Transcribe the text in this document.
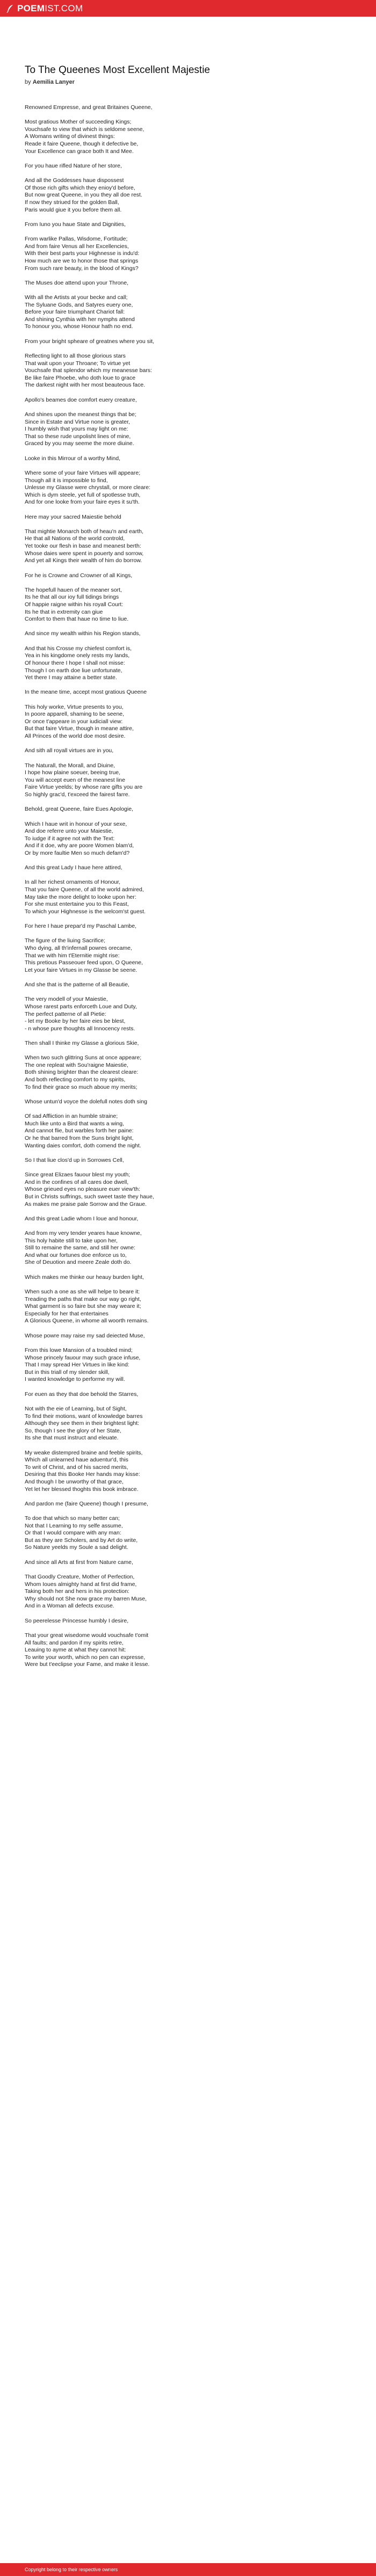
POEMIST.COM
To The Queenes Most Excellent Majestie
by Aemilia Lanyer
Renowned Empresse, and great Britaines Queene,
Most gratious Mother of succeeding Kings;
Vouchsafe to view that which is seldome seene,
A Womans writing of divinest things:
Reade it faire Queene, though it defective be,
Your Excellence can grace both It and Mee.
For you haue rifled Nature of her store,
And all the Goddesses haue dispossest
Of those rich gifts which they enioy'd before,
But now great Queene, in you they all doe rest.
If now they striued for the golden Ball,
Paris would giue it you before them all.
From Iuno you haue State and Dignities,
From warlike Pallas, Wisdome, Fortitude;
And from faire Venus all her Excellencies,
With their best parts your Highnesse is indu'd:
How much are we to honor those that springs
From such rare beauty, in the blood of Kings?
The Muses doe attend upon your Throne,
With all the Artists at your becke and call;
The Syluane Gods, and Satyres euery one,
Before your faire triumphant Chariot fall:
And shining Cynthia with her nymphs attend
To honour you, whose Honour hath no end.
From your bright spheare of greatnes where you sit,
Reflecting light to all those glorious stars
That wait upon your Throane; To virtue yet
Vouchsafe that splendor which my meanesse bars:
Be like faire Phoebe, who doth loue to grace
The darkest night with her most beauteous face.
Apollo's beames doe comfort euery creature,
And shines upon the meanest things that be;
Since in Estate and Virtue none is greater,
I humbly wish that yours may light on me:
That so these rude unpolisht lines of mine,
Graced by you may seeme the more diuine.
Looke in this Mirrour of a worthy Mind,
Where some of your faire Virtues will appeare;
Though all it is impossible to find,
Unlesse my Glasse were chrystall, or more cleare:
Which is dym steele, yet full of spotlesse truth,
And for one looke from your faire eyes it su'th.
Here may your sacred Maiestie behold
That mightie Monarch both of heau'n and earth,
He that all Nations of the world controld,
Yet tooke our flesh in base and meanest berth:
Whose daies were spent in pouerty and sorrow,
And yet all Kings their wealth of him do borrow.
For he is Crowne and Crowner of all Kings,
The hopefull hauen of the meaner sort,
Its he that all our ioy full tidings brings
Of happie raigne within his royall Court:
Its he that in extremity can giue
Comfort to them that haue no time to liue.
And since my wealth within his Region stands,
And that his Crosse my chiefest comfort is,
Yea in his kingdome onely rests my lands,
Of honour there I hope I shall not misse:
Though I on earth doe liue unfortunate,
Yet there I may attaine a better state.
In the meane time, accept most gratious Queene
This holy worke, Virtue presents to you,
In poore apparell, shaming to be seene,
Or once t'appeare in your iudiciall view:
But that faire Virtue, though in meane attire,
All Princes of the world doe most desire.
And sith all royall virtues are in you,
The Naturall, the Morall, and Diuine,
I hope how plaine soeuer, beeing true,
You will accept euen of the meanest line
Faire Virtue yeelds; by whose rare gifts you are
So highly grac'd, t'exceed the fairest farre.
Behold, great Queene, faire Eues Apologie,
Which I haue writ in honour of your sexe,
And doe referre unto your Maiestie,
To iudge if it agree not with the Text:
And if it doe, why are poore Women blam'd,
Or by more faultie Men so much defam'd?
And this great Lady I haue here attired,
In all her richest ornaments of Honour,
That you faire Queene, of all the world admired,
May take the more delight to looke upon her:
For she must entertaine you to this Feast,
To which your Highnesse is the welcom'st guest.
For here I haue prepar'd my Paschal Lambe,
The figure of the liuing Sacrifice;
Who dying, all th'infernall powres orecame,
That we with him t'Eternitie might rise:
This pretious Passeouer feed upon, O Queene,
Let your faire Virtues in my Glasse be seene.
And she that is the patterne of all Beautie,
The very modell of your Maiestie,
Whose rarest parts enforceth Loue and Duty,
The perfect patterne of all Pietie:
- let my Booke by her faire eies be blest,
- n whose pure thoughts all Innocency rests.
Then shall I thinke my Glasse a glorious Skie,
When two such glittring Suns at once appeare;
The one repleat with Sou'raigne Maiestie,
Both shining brighter than the clearest cleare:
And both reflecting comfort to my spirits,
To find their grace so much aboue my merits;
Whose untun'd voyce the dolefull notes doth sing
Of sad Affliction in an humble straine;
Much like unto a Bird that wants a wing,
And cannot flie, but warbles forth her paine:
Or he that barred from the Suns bright light,
Wanting daies comfort, doth comend the night.
So I that liue clos'd up in Sorrowes Cell,
Since great Elizaes fauour blest my youth;
And in the confines of all cares doe dwell,
Whose grieued eyes no pleasure euer view'th:
But in Christs suffrings, such sweet taste they haue,
As makes me praise pale Sorrow and the Graue.
And this great Ladie whom I loue and honour,
And from my very tender yeares haue knowne,
This holy habite still to take upon her,
Still to remaine the same, and still her owne:
And what our fortunes doe enforce us to,
She of Deuotion and meere Zeale doth do.
Which makes me thinke our heauy burden light,
When such a one as she will helpe to beare it:
Treading the paths that make our way go right,
What garment is so faire but she may weare it;
Especially for her that entertaines
A Glorious Queene, in whome all woorth remains.
Whose powre may raise my sad deiected Muse,
From this lowe Mansion of a troubled mind;
Whose princely fauour may such grace infuse,
That I may spread Her Virtues in like kind:
But in this triall of my slender skill,
I wanted knowledge to performe my will.
For euen as they that doe behold the Starres,
Not with the eie of Learning, but of Sight,
To find their motions, want of knowledge barres
Although they see them in their brightest light:
So, though I see the glory of her State,
Its she that must instruct and eleuate.
My weake distempred braine and feeble spirits,
Which all unlearned haue aduentur'd, this
To writ of Christ, and of his sacred merits,
Desiring that this Booke Her hands may kisse:
And though I be unworthy of that grace,
Yet let her blessed thoghts this book imbrace.
And pardon me (faire Queene) though I presume,
To doe that which so many better can;
Not that I Learning to my selfe assume,
Or that I would compare with any man:
But as they are Scholers, and by Art do write,
So Nature yeelds my Soule a sad delight.
And since all Arts at first from Nature came,
That Goodly Creature, Mother of Perfection,
Whom Ioues almighty hand at first did frame,
Taking both her and hers in his protection:
Why should not She now grace my barren Muse,
And in a Woman all defects excuse.
So peerelesse Princesse humbly I desire,
That your great wisedome would vouchsafe t'omit
All faults; and pardon if my spirits retire,
Leauing to ayme at what they cannot hit:
To write your worth, which no pen can expresse,
Were but t'eeclipse your Fame, and make it lesse.
Copyright belong to their respective owners
